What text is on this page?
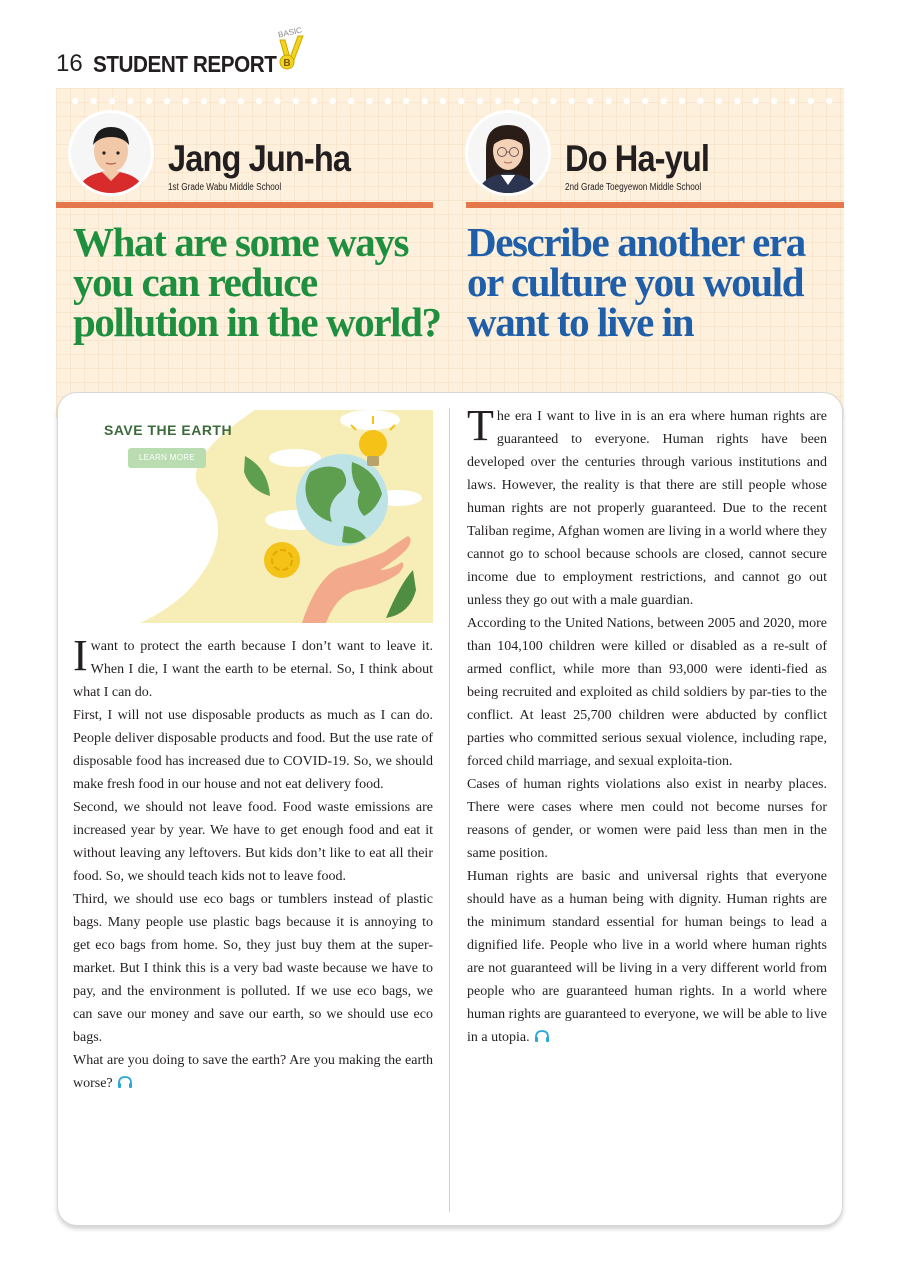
16 STUDENT REPORT
BASIC
B
Jang Jun-ha
1st Grade Wabu Middle School
Do Ha-yul
2nd Grade Toegyewon Middle School
What are some ways you can reduce pollution in the world?
Describe another era or culture you would want to live in
SAVE THE EARTH
LEARN MORE

Iwant to protect the earth because I don’t want to leave it. When I die, I want the earth to be eternal. So, I think about what I can do.

First, I will not use disposable products as much as I can do. People deliver disposable products and food. But the use rate of disposable food has increased due to COVID-19. So, we should make fresh food in our house and not eat delivery food.

Second, we should not leave food. Food waste emissions are increased year by year. We have to get enough food and eat it without leaving any leftovers. But kids don’t like to eat all their food. So, we should teach kids not to leave food.

Third, we should use eco bags or tumblers instead of plastic bags. Many people use plastic bags because it is annoying to get eco bags from home. So, they just buy them at the super-market. But I think this is a very bad waste because we have to pay, and the environment is polluted. If we use eco bags, we can save our money and save our earth, so we should use eco bags.

What are you doing to save the earth? Are you making the earth worse?

The era I want to live in is an era where human rights are guaranteed to everyone. Human rights have been developed over the centuries through various institutions and laws. However, the reality is that there are still people whose human rights are not properly guaranteed. Due to the recent Taliban regime, Afghan women are living in a world where they cannot go to school because schools are closed, cannot secure income due to employment restrictions, and cannot go out unless they go out with a male guardian.

According to the United Nations, between 2005 and 2020, more than 104,100 children were killed or disabled as a re-sult of armed conflict, while more than 93,000 were identi-fied as being recruited and exploited as child soldiers by par-ties to the conflict. At least 25,700 children were abducted by conflict parties who committed serious sexual violence, including rape, forced child marriage, and sexual exploita-tion.

Cases of human rights violations also exist in nearby places. There were cases where men could not become nurses for reasons of gender, or women were paid less than men in the same position.

Human rights are basic and universal rights that everyone should have as a human being with dignity. Human rights are the minimum standard essential for human beings to lead a dignified life. People who live in a world where human rights are not guaranteed will be living in a very different world from people who are guaranteed human rights. In a world where human rights are guaranteed to everyone, we will be able to live in a utopia.
